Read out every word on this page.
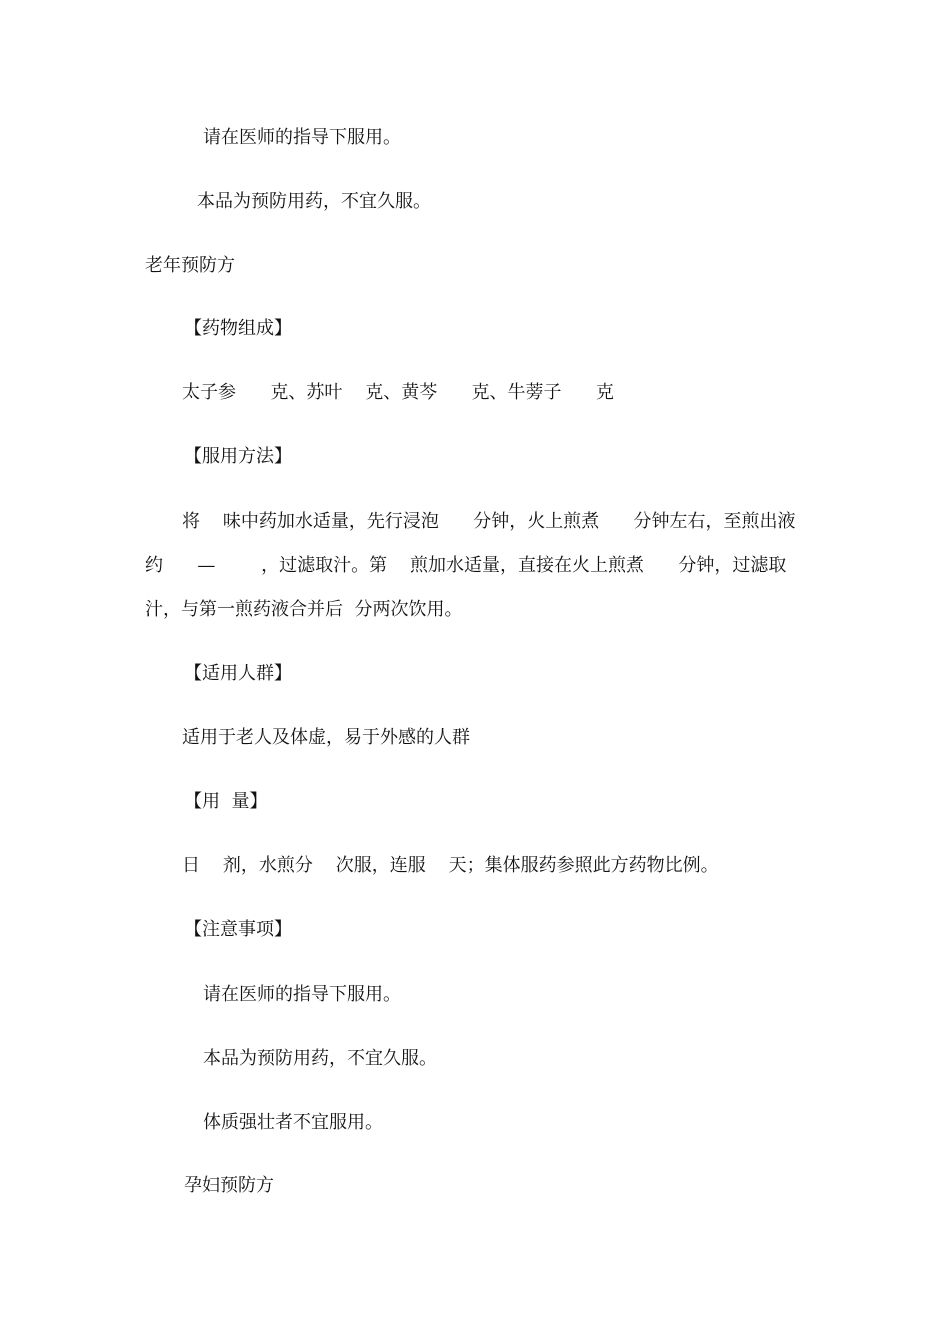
请在医师的指导下服用。
本品为预防用药，不宜久服。
老年预防方
【药物组成】
太子参      克、苏叶    克、黄芩      克、牛蒡子      克
【服用方法】
将    味中药加水适量，先行浸泡      分钟，火上煎煮      分钟左右，至煎出液
约      —        ，过滤取汁。第    煎加水适量，直接在火上煎煮      分钟，过滤取
汁，与第一煎药液合并后  分两次饮用。
【适用人群】
适用于老人及体虚，易于外感的人群
【用  量】
日    剂，水煎分    次服，连服    天；集体服药参照此方药物比例。
【注意事项】
请在医师的指导下服用。
本品为预防用药，不宜久服。
体质强壮者不宜服用。
孕妇预防方
